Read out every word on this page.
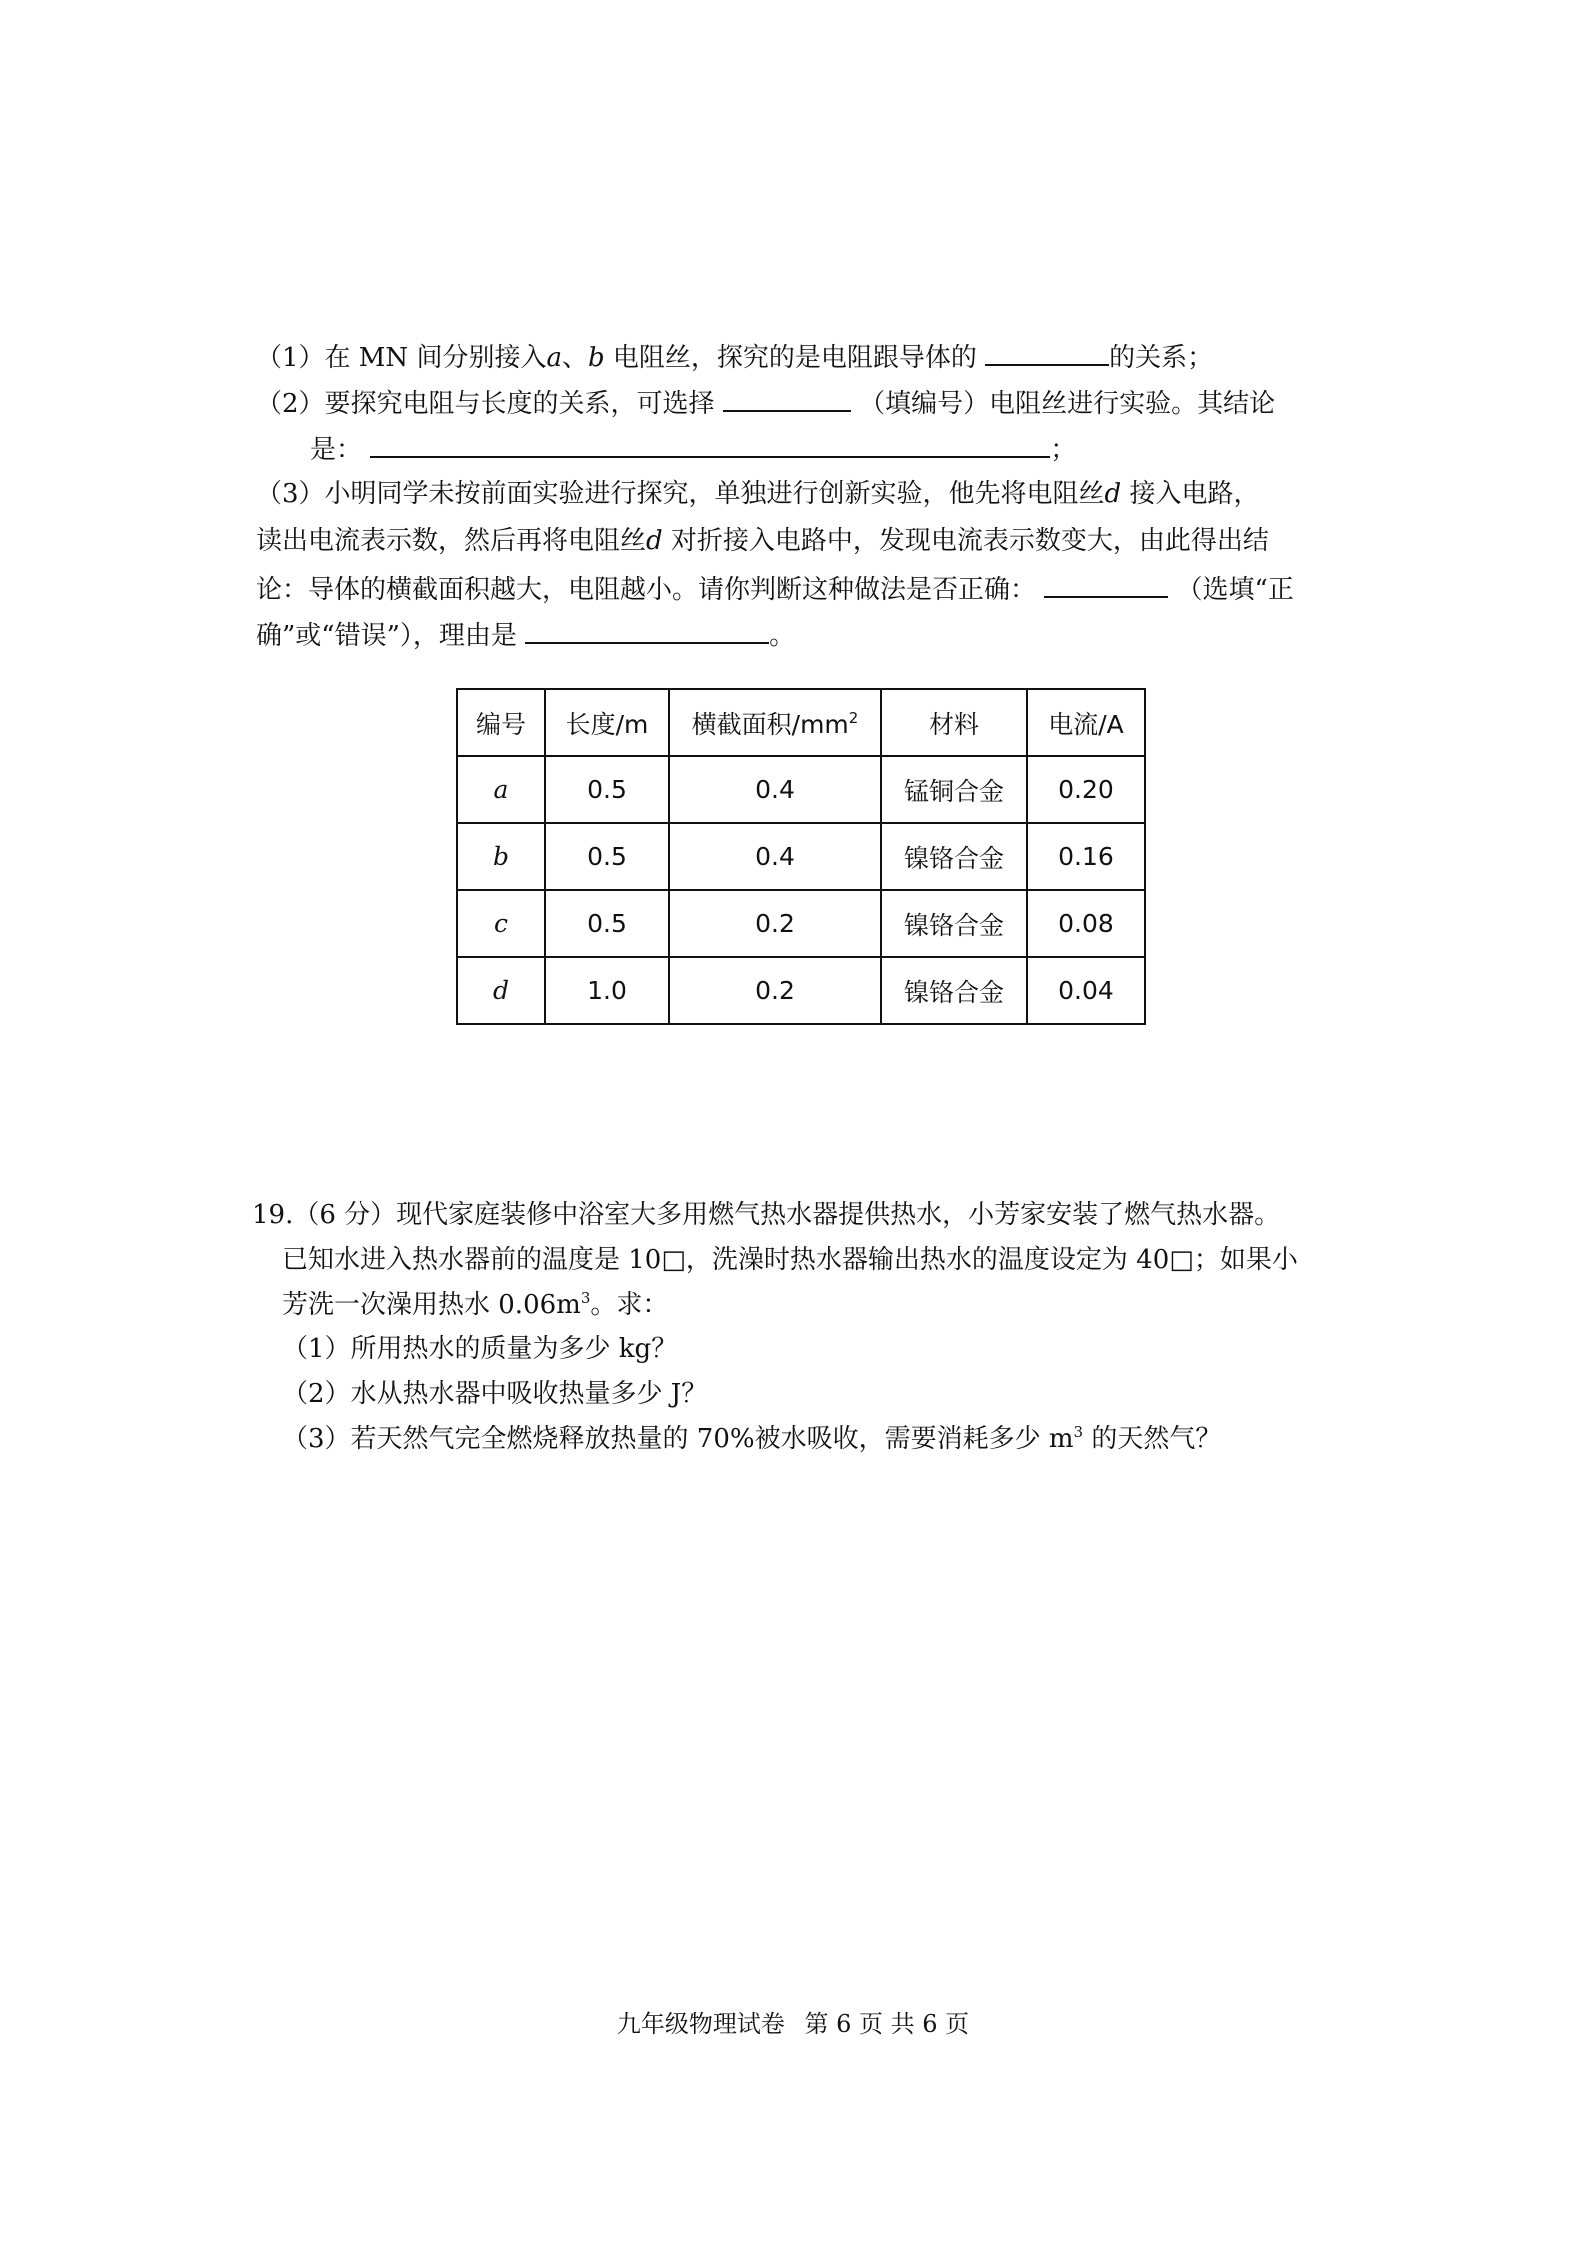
（1）在 MN 间分别接入a、b 电阻丝，探究的是电阻跟导体的	的关系；
（2）要探究电阻与长度的关系，可选择	（填编号）电阻丝进行实验。其结论
是：	；
（3）小明同学未按前面实验进行探究，单独进行创新实验，他先将电阻丝d 接入电路，
读出电流表示数，然后再将电阻丝d 对折接入电路中，发现电流表示数变大，由此得出结
论：导体的横截面积越大，电阻越小。请你判断这种做法是否正确：	（选填“正
确”或“错误”），理由是	。
编号	长度/m	横截面积$/mm^2$	材料	电流/A
a	0.5	0.4	锰铜合金	0.20
b	0.5	0.4	镍铬合金	0.16
c	0.5	0.2	镍铬合金	0.08
d	1.0	0.2	镍铬合金	0.04
19.（6 分）现代家庭装修中浴室大多用燃气热水器提供热水，小芳家安装了燃气热水器。
已知水进入热水器前的温度是 10□，洗澡时热水器输出热水的温度设定为 40□；如果小
芳洗一次澡用热水 $0.06m^3$。求：
（1）所用热水的质量为多少 kg？
（2）水从热水器中吸收热量多少 J？
（3）若天然气完全燃烧释放热量的 70%被水吸收，需要消耗多少 $m^3$ 的天然气？
九年级物理试卷 第 6 页 共 6 页
